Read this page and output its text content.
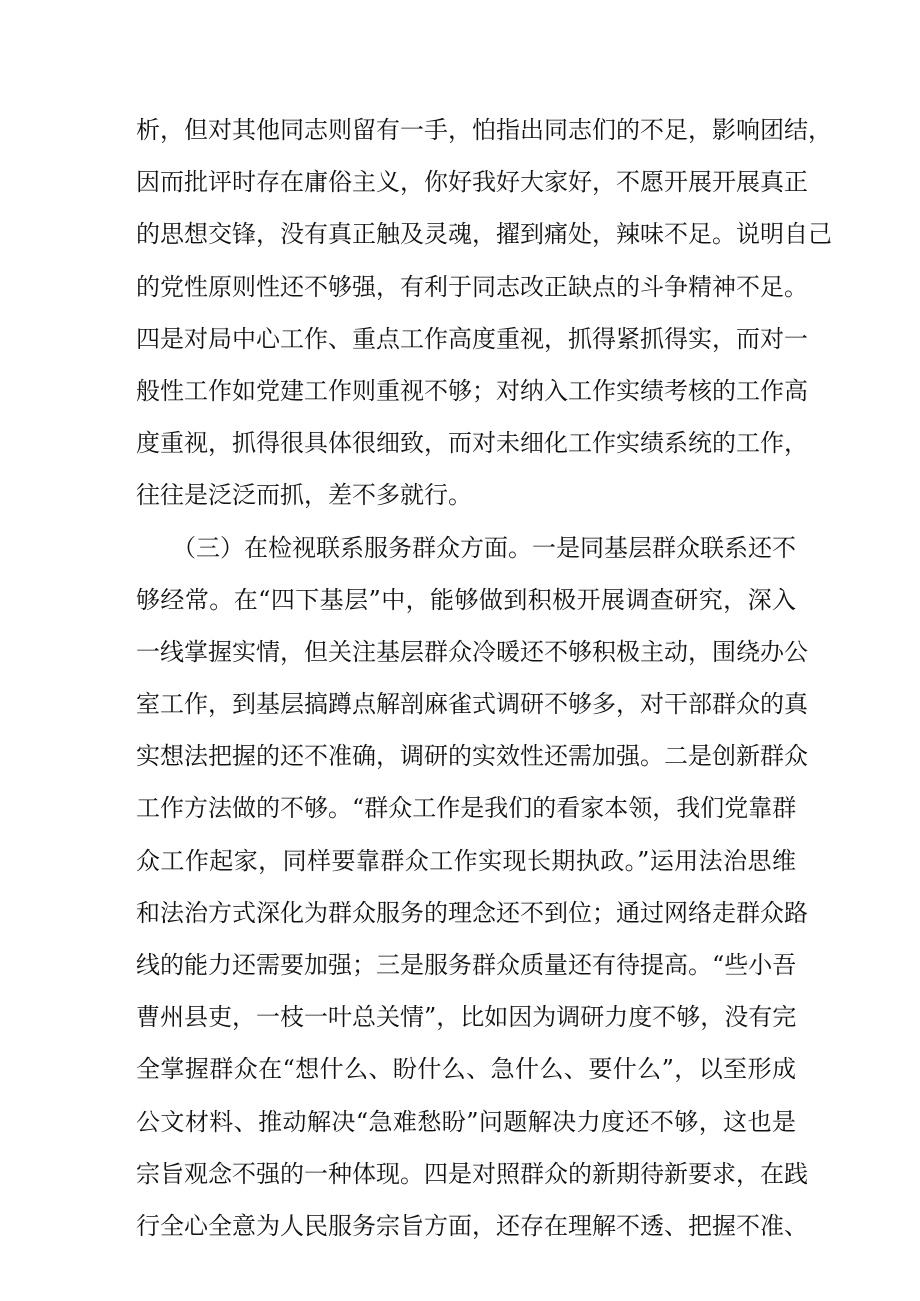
析，但对其他同志则留有一手，怕指出同志们的不足，影响团结，
因而批评时存在庸俗主义，你好我好大家好，不愿开展开展真正
的思想交锋，没有真正触及灵魂，擢到痛处，辣味不足。说明自己
的党性原则性还不够强，有利于同志改正缺点的斗争精神不足。
四是对局中心工作、重点工作高度重视，抓得紧抓得实，而对一
般性工作如党建工作则重视不够；对纳入工作实绩考核的工作高
度重视，抓得很具体很细致，而对未细化工作实绩系统的工作，
往往是泛泛而抓，差不多就行。
　　（三）在检视联系服务群众方面。一是同基层群众联系还不
够经常。在“四下基层”中，能够做到积极开展调查研究，深入
一线掌握实情，但关注基层群众冷暖还不够积极主动，围绕办公
室工作，到基层搞蹲点解剖麻雀式调研不够多，对干部群众的真
实想法把握的还不准确，调研的实效性还需加强。二是创新群众
工作方法做的不够。“群众工作是我们的看家本领，我们党靠群
众工作起家，同样要靠群众工作实现长期执政。”运用法治思维
和法治方式深化为群众服务的理念还不到位；通过网络走群众路
线的能力还需要加强；三是服务群众质量还有待提高。“些小吾
曹州县吏，一枝一叶总关情”，比如因为调研力度不够，没有完
全掌握群众在“想什么、盼什么、急什么、要什么”，以至形成
公文材料、推动解决“急难愁盼”问题解决力度还不够，这也是
宗旨观念不强的一种体现。四是对照群众的新期待新要求，在践
行全心全意为人民服务宗旨方面，还存在理解不透、把握不准、
